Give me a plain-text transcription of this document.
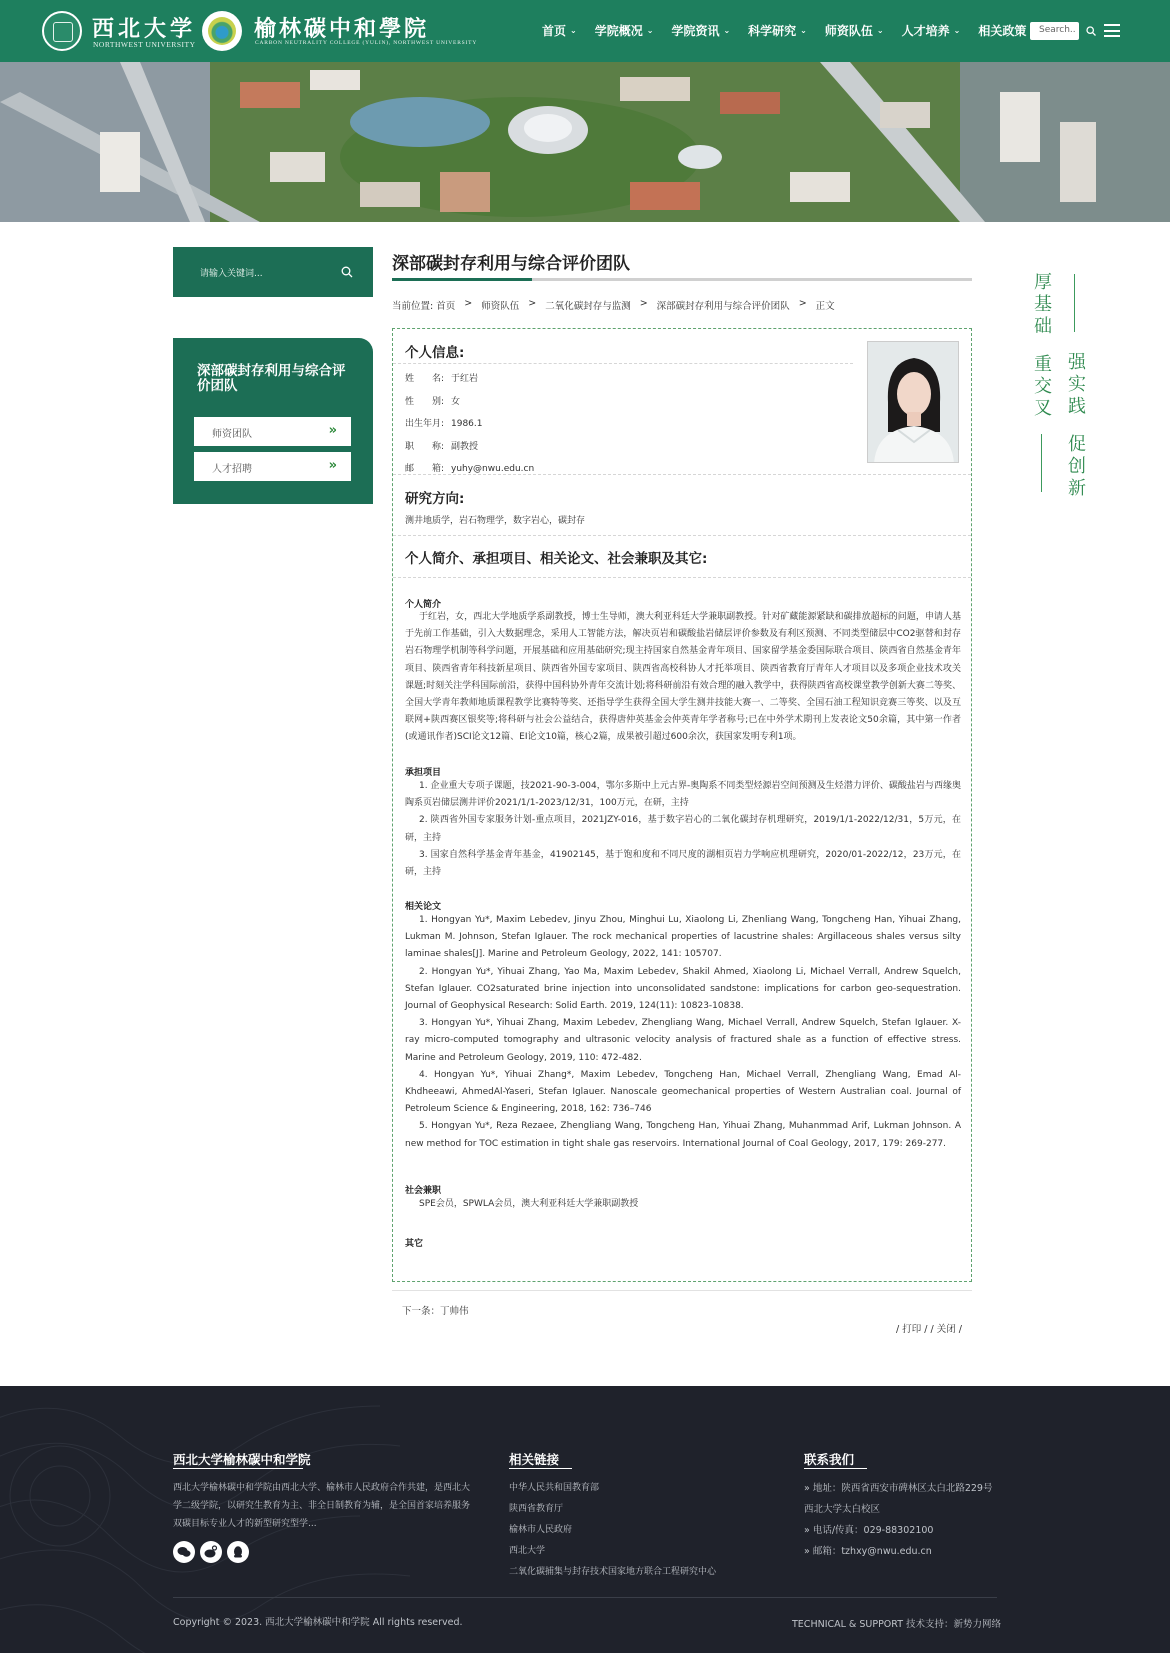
西北大学
NORTHWEST UNIVERSITY
榆林碳中和學院
CARBON NEUTRALITY COLLEGE (YULIN), NORTHWEST UNIVERSITY
首页 ⌄ 学院概况 ⌄ 学院资讯 ⌄ 科学研究 ⌄ 师资队伍 ⌄ 人才培养 ⌄ 相关政策	Search..
请输入关键词...
深部碳封存利用与综合评价团队
师资团队	»
人才招聘	»
厚基础
重交叉
强实践
促创新
深部碳封存利用与综合评价团队
当前位置: 首页 > 师资队伍 > 二氧化碳封存与监测 > 深部碳封存利用与综合评价团队 > 正文
个人信息:
姓　　名: 于红岩
性　　别: 女
出生年月: 1986.1
职　　称: 副教授
邮　　箱: yuhy@nwu.edu.cn
研究方向:
测井地质学，岩石物理学，数字岩心，碳封存
个人简介、承担项目、相关论文、社会兼职及其它:
个人简介

于红岩，女，西北大学地质学系副教授，博士生导师，澳大利亚科廷大学兼职副教授。针对矿藏能源紧缺和碳排放超标的问题，申请人基于先前工作基础，引入大数据理念，采用人工智能方法，解决页岩和碳酸盐岩储层评价参数及有利区预测、不同类型储层中CO2驱替和封存岩石物理学机制等科学问题，开展基础和应用基础研究;现主持国家自然基金青年项目、国家留学基金委国际联合项目、陕西省自然基金青年项目、陕西省青年科技新星项目、陕西省外国专家项目、陕西省高校科协人才托举项目、陕西省教育厅青年人才项目以及多项企业技术攻关课题;时刻关注学科国际前沿，获得中国科协外青年交流计划;将科研前沿有效合理的融入教学中，获得陕西省高校课堂教学创新大赛二等奖、全国大学青年教师地质课程教学比赛特等奖、还指导学生获得全国大学生测井技能大赛一、二等奖、全国石油工程知识竞赛三等奖、以及互联网+陕西赛区银奖等;将科研与社会公益结合，获得唐仲英基金会仲英青年学者称号;已在中外学术期刊上发表论文50余篇，其中第一作者(或通讯作者)SCI论文12篇、EI论文10篇，核心2篇，成果被引超过600余次，获国家发明专利1项。

承担项目

1. 企业重大专项子课题，技2021-90-3-004，鄂尔多斯中上元古界-奥陶系不同类型烃源岩空间预测及生烃潜力评价、碳酸盐岩与西缘奥陶系页岩储层测井评价2021/1/1-2023/12/31，100万元，在研，主持

2. 陕西省外国专家服务计划-重点项目，2021JZY-016，基于数字岩心的二氧化碳封存机理研究，2019/1/1-2022/12/31，5万元，在研，主持

3. 国家自然科学基金青年基金，41902145，基于饱和度和不同尺度的湖相页岩力学响应机理研究，2020/01-2022/12，23万元，在研，主持

相关论文

1. Hongyan Yu*, Maxim Lebedev, Jinyu Zhou, Minghui Lu, Xiaolong Li, Zhenliang Wang, Tongcheng Han, Yihuai Zhang, Lukman M. Johnson, Stefan Iglauer. The rock mechanical properties of lacustrine shales: Argillaceous shales versus silty laminae shales[J]. Marine and Petroleum Geology, 2022, 141: 105707.

2. Hongyan Yu*, Yihuai Zhang, Yao Ma, Maxim Lebedev, Shakil Ahmed, Xiaolong Li, Michael Verrall, Andrew Squelch, Stefan Iglauer. CO2saturated brine injection into unconsolidated sandstone: implications for carbon geo-sequestration. Journal of Geophysical Research: Solid Earth. 2019, 124(11): 10823-10838.

3. Hongyan Yu*, Yihuai Zhang, Maxim Lebedev, Zhengliang Wang, Michael Verrall, Andrew Squelch, Stefan Iglauer. X-ray micro-computed tomography and ultrasonic velocity analysis of fractured shale as a function of effective stress. Marine and Petroleum Geology, 2019, 110: 472-482.

4. Hongyan Yu*, Yihuai Zhang*, Maxim Lebedev, Tongcheng Han, Michael Verrall, Zhengliang Wang, Emad Al-Khdheeawi, AhmedAl-Yaseri, Stefan Iglauer. Nanoscale geomechanical properties of Western Australian coal. Journal of Petroleum Science & Engineering, 2018, 162: 736–746

5. Hongyan Yu*, Reza Rezaee, Zhengliang Wang, Tongcheng Han, Yihuai Zhang, Muhanmmad Arif, Lukman Johnson. A new method for TOC estimation in tight shale gas reservoirs. International Journal of Coal Geology, 2017, 179: 269-277.

社会兼职

SPE会员，SPWLA会员，澳大利亚科廷大学兼职副教授

其它
下一条：丁帅伟
/ 打印 / / 关闭 /
西北大学榆林碳中和学院
西北大学榆林碳中和学院由西北大学、榆林市人民政府合作共建，是西北大学二级学院，以研究生教育为主、非全日制教育为辅，是全国首家培养服务双碳目标专业人才的新型研究型学...
相关链接
中华人民共和国教育部
陕西省教育厅
榆林市人民政府
西北大学
二氧化碳捕集与封存技术国家地方联合工程研究中心
联系我们
» 地址：陕西省西安市碑林区太白北路229号
西北大学太白校区
» 电话/传真：029-88302100
» 邮箱：tzhxy@nwu.edu.cn
Copyright © 2023. 西北大学榆林碳中和学院 All rights reserved.	TECHNICAL & SUPPORT 技术支持：新势力网络
